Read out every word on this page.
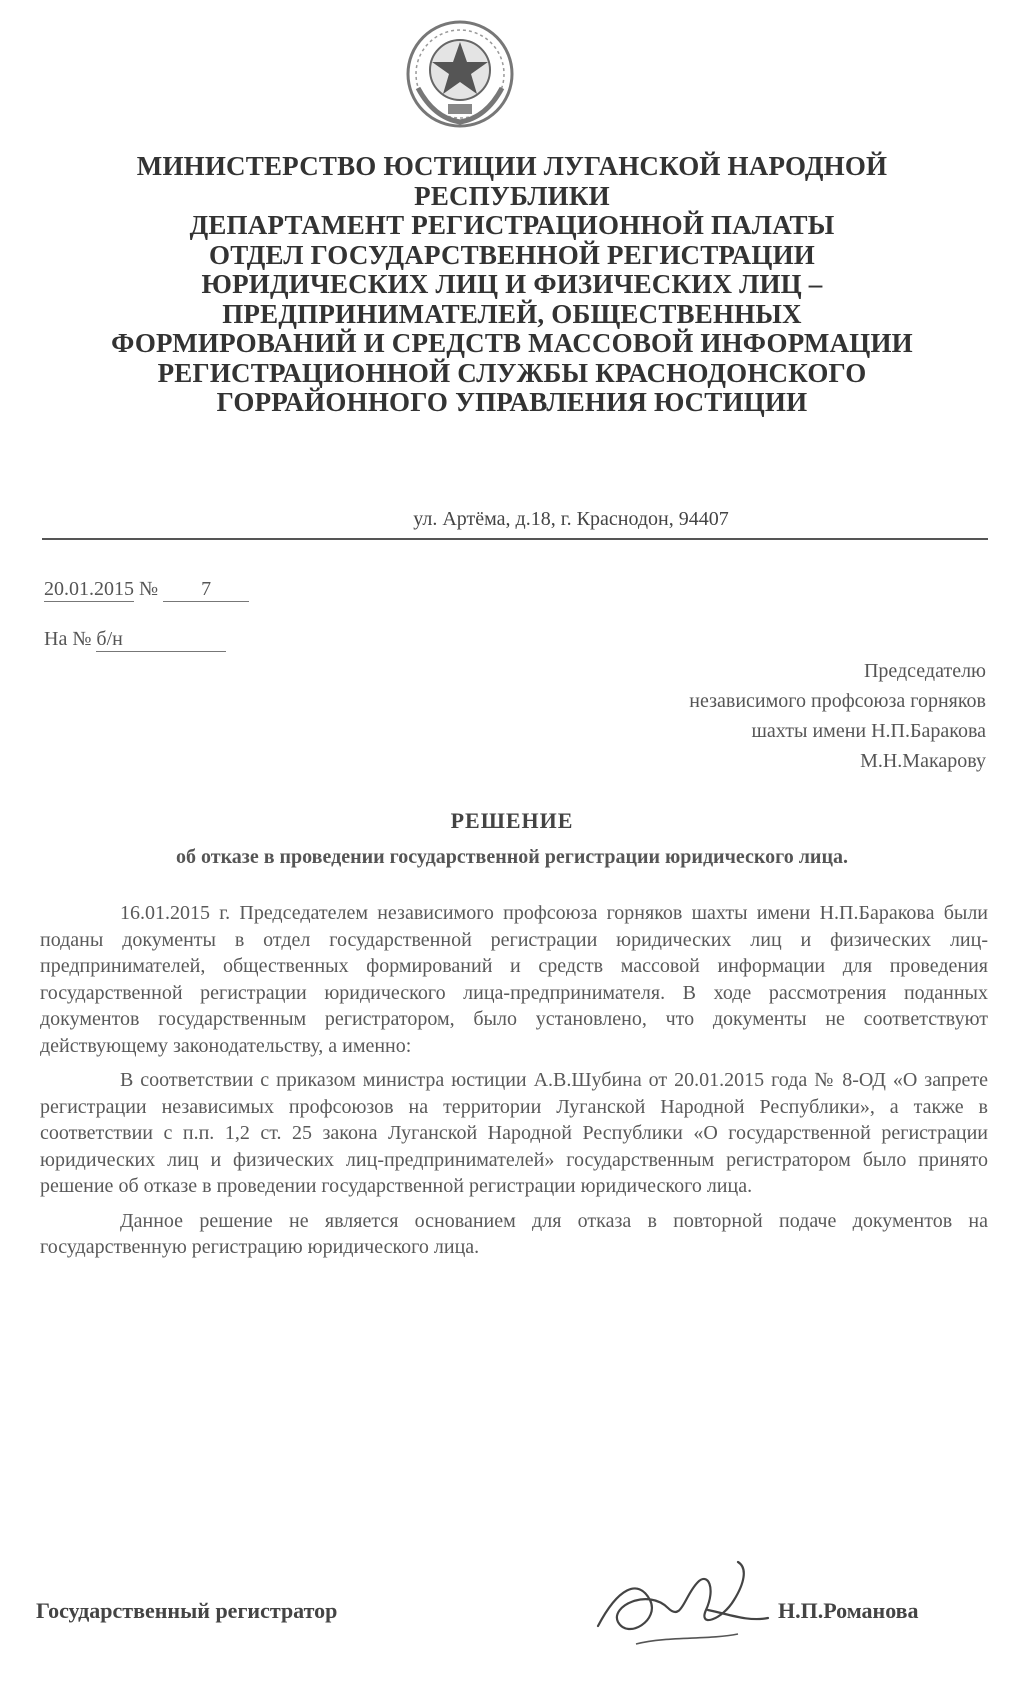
МИНИСТЕРСТВО ЮСТИЦИИ ЛУГАНСКОЙ НАРОДНОЙ
РЕСПУБЛИКИ
ДЕПАРТАМЕНТ РЕГИСТРАЦИОННОЙ ПАЛАТЫ
ОТДЕЛ ГОСУДАРСТВЕННОЙ РЕГИСТРАЦИИ
ЮРИДИЧЕСКИХ ЛИЦ И ФИЗИЧЕСКИХ ЛИЦ –
ПРЕДПРИНИМАТЕЛЕЙ, ОБЩЕСТВЕННЫХ
ФОРМИРОВАНИЙ И СРЕДСТВ МАССОВОЙ ИНФОРМАЦИИ
РЕГИСТРАЦИОННОЙ СЛУЖБЫ КРАСНОДОНСКОГО
ГОРРАЙОННОГО УПРАВЛЕНИЯ ЮСТИЦИИ
ул. Артёма, д.18, г. Краснодон, 94407
20.01.2015 № 7
На № б/н
Председателю
независимого профсоюза горняков
шахты имени Н.П.Баракова
М.Н.Макарову
РЕШЕНИЕ
об отказе в проведении государственной регистрации юридического лица.

16.01.2015 г. Председателем независимого профсоюза горняков шахты имени Н.П.Баракова были поданы документы в отдел государственной регистрации юридических лиц и физических лиц-предпринимателей, общественных формирований и средств массовой информации для проведения государственной регистрации юридического лица-предпринимателя. В ходе рассмотрения поданных документов государственным регистратором, было установлено, что документы не соответствуют действующему законодательству, а именно:

В соответствии с приказом министра юстиции А.В.Шубина от 20.01.2015 года № 8-ОД «О запрете регистрации независимых профсоюзов на территории Луганской Народной Республики», а также в соответствии с п.п. 1,2 ст. 25 закона Луганской Народной Республики «О государственной регистрации юридических лиц и физических лиц-предпринимателей» государственным регистратором было принято решение об отказе в проведении государственной регистрации юридического лица.

Данное решение не является основанием для отказа в повторной подаче документов на государственную регистрацию юридического лица.

Государственный регистратор	Н.П.Романова
